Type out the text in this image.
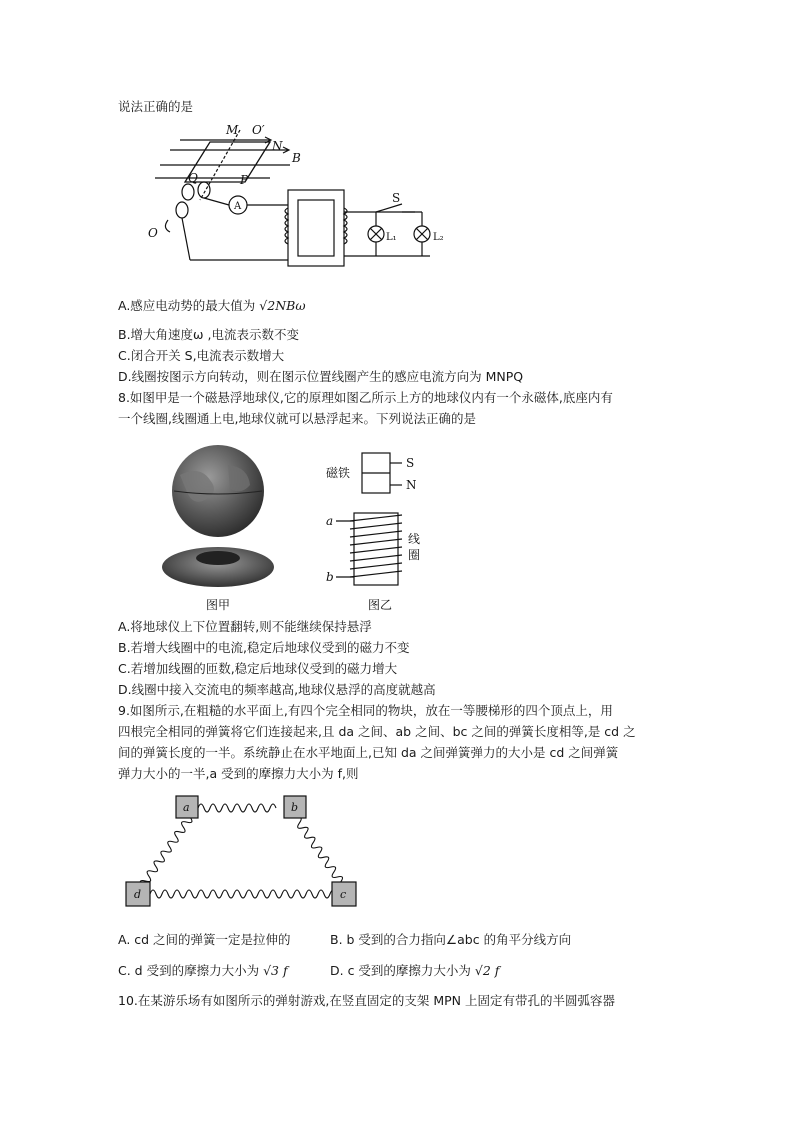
说法正确的是
M O′
N
B
Q	P
O
A
S
L₁	L₂
A.感应电动势的最大值为 √2NBω
B.增大角速度ω ,电流表示数不变
C.闭合开关 S,电流表示数增大
D.线圈按图示方向转动，则在图示位置线圈产生的感应电流方向为 MNPQ
8.如图甲是一个磁悬浮地球仪,它的原理如图乙所示上方的地球仪内有一个永磁体,底座内有
一个线圈,线圈通上电,地球仪就可以悬浮起来。下列说法正确的是
磁铁
S
N
a
b
线
圈
图甲	图乙
A.将地球仪上下位置翻转,则不能继续保持悬浮
B.若增大线圈中的电流,稳定后地球仪受到的磁力不变
C.若增加线圈的匝数,稳定后地球仪受到的磁力增大
D.线圈中接入交流电的频率越高,地球仪悬浮的高度就越高
9.如图所示,在粗糙的水平面上,有四个完全相同的物块，放在一等腰梯形的四个顶点上，用
四根完全相同的弹簧将它们连接起来,且 da 之间、ab 之间、bc 之间的弹簧长度相等,是 cd 之
间的弹簧长度的一半。系统静止在水平地面上,已知 da 之间弹簧弹力的大小是 cd 之间弹簧
弹力大小的一半,a 受到的摩擦力大小为 f,则
a	b
c
d
A. cd 之间的弹簧一定是拉伸的	B. b 受到的合力指向∠abc 的角平分线方向
C. d 受到的摩擦力大小为 √3 f	D. c 受到的摩擦力大小为 √2 f
10.在某游乐场有如图所示的弹射游戏,在竖直固定的支架 MPN 上固定有带孔的半圆弧容器
